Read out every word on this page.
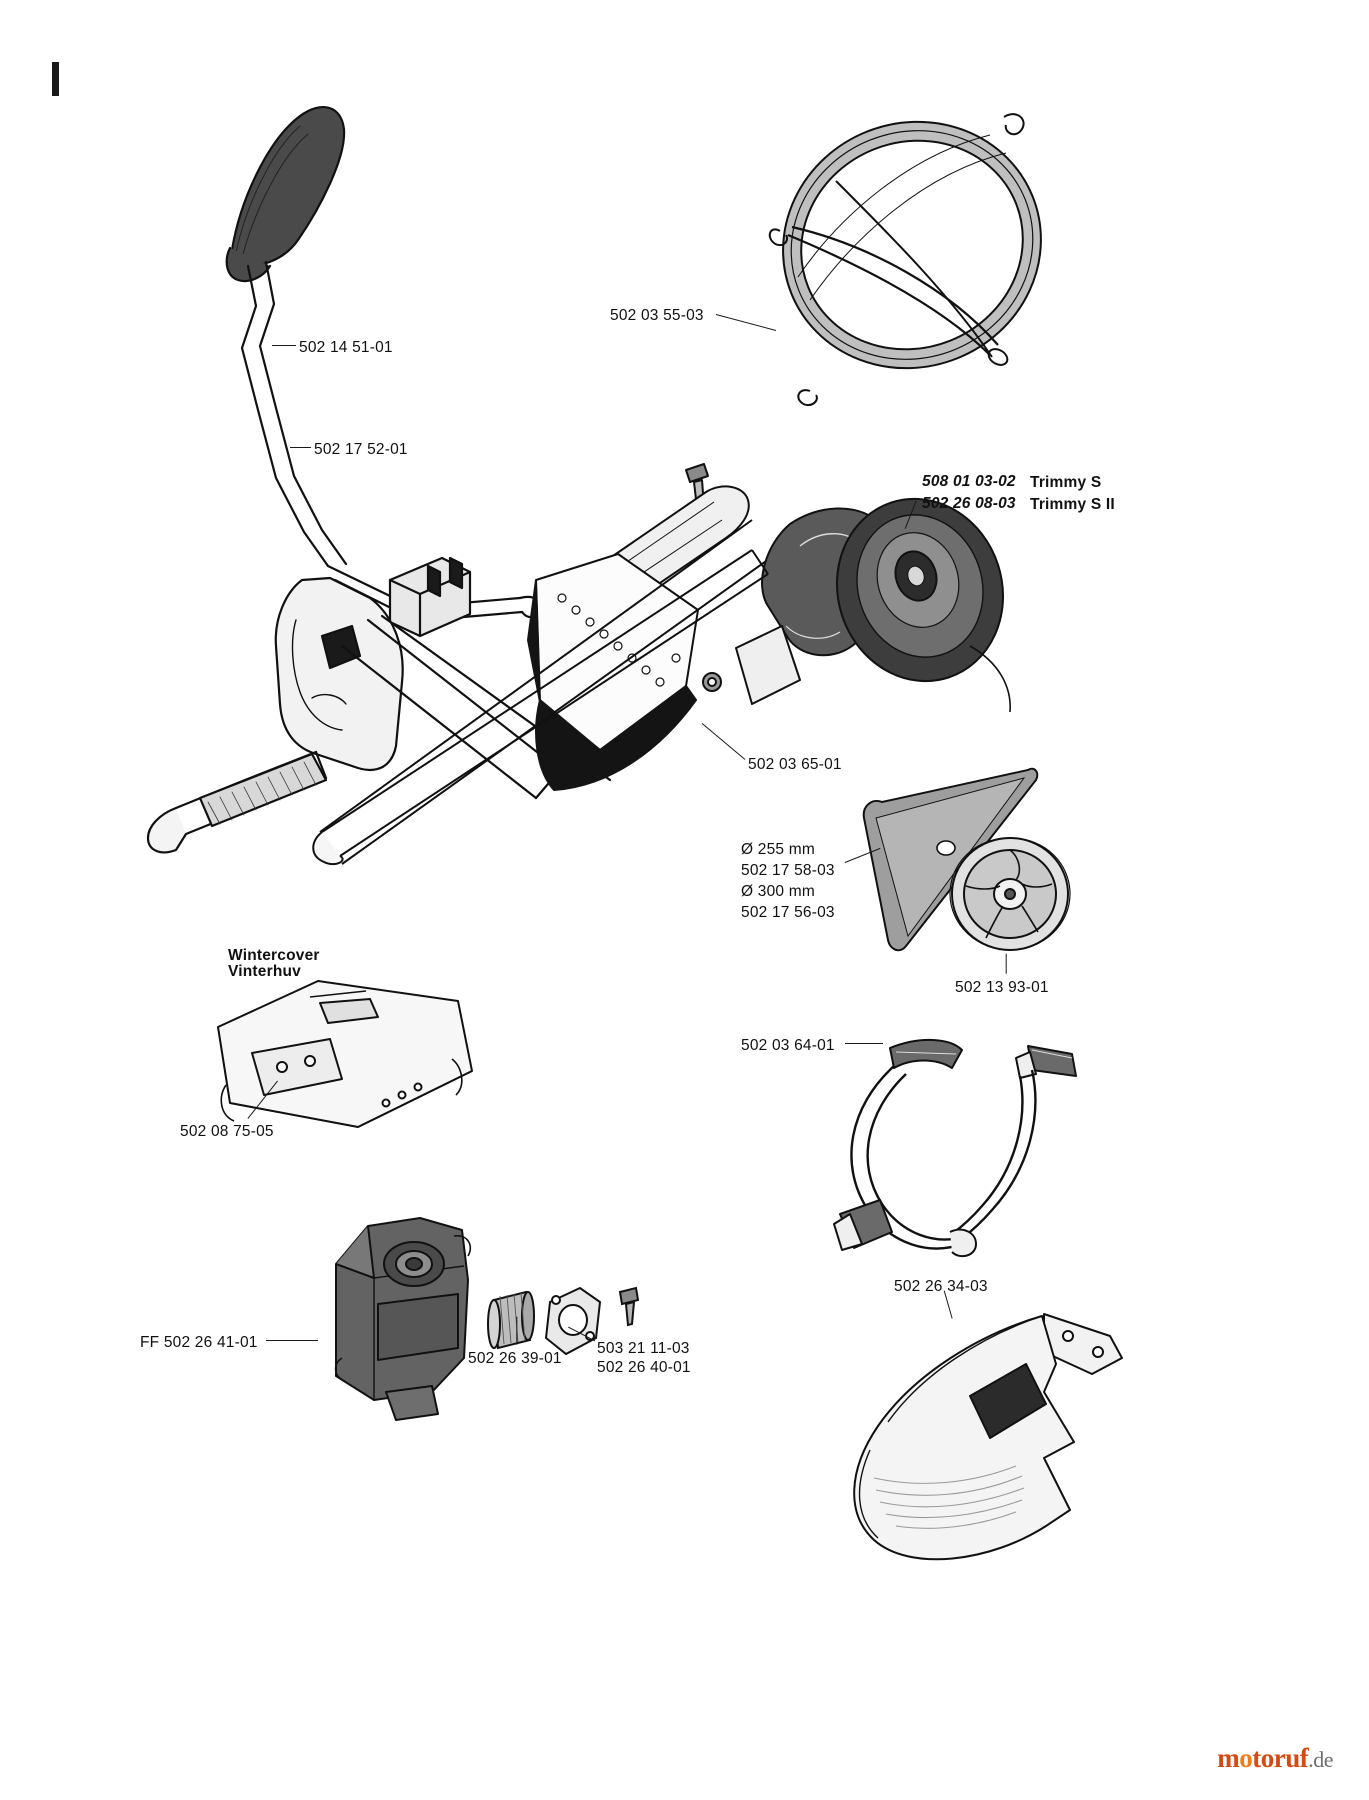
502 14 51-01
502 17 52-01
502 03 55-03
508 01 03-02 Trimmy S
502 26 08-03 Trimmy S II
502 03 65-01
Ø 255 mm
502 17 58-03
Ø 300 mm
502 17 56-03
502 13 93-01
Wintercover
Vinterhuv
502 08 75-05
502 03 64-01
FF 502 26 41-01
502 26 39-01
503 21 11-03
502 26 40-01
502 26 34-03
motoruf.de
